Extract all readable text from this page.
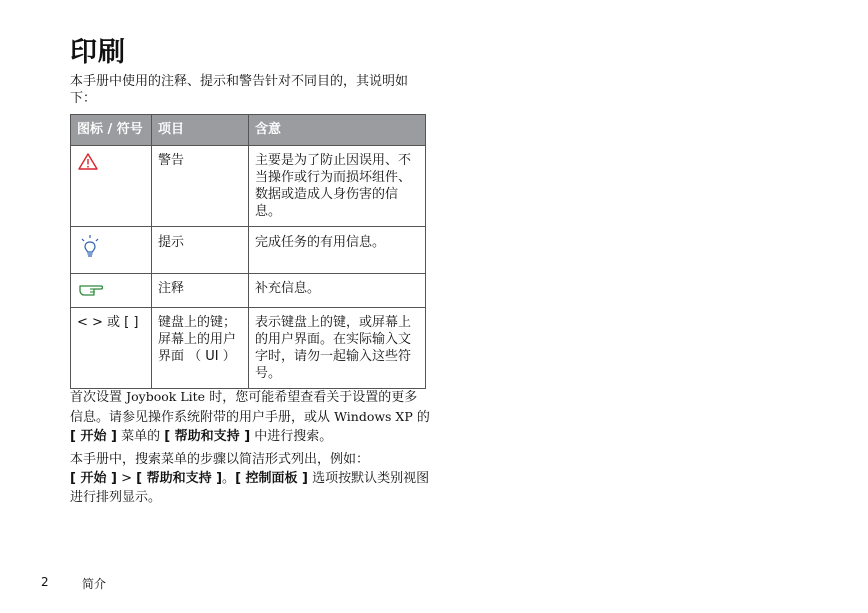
印刷
本手册中使用的注释、提示和警告针对不同目的，其说明如下：
图标 / 符号	项目	含意

	警告	主要是为了防止因误用、不当操作或行为而损坏组件、数据或造成人身伤害的信息。

	提示	完成任务的有用信息。

	注释	补充信息。
< > 或 [ ]	键盘上的键；屏幕上的用户界面 （ UI ）	表示键盘上的键，或屏幕上的用户界面。在实际输入文字时，请勿一起输入这些符号。
首次设置 Joybook Lite 时，您可能希望查看关于设置的更多信息。请参见操作系统附带的用户手册，或从 Windows XP 的 [ 开始 ] 菜单的 [ 帮助和支持 ] 中进行搜索。
本手册中，搜索菜单的步骤以简洁形式列出，例如：
[ 开始 ] > [ 帮助和支持 ]。[ 控制面板 ] 选项按默认类别视图进行排列显示。
2	简介
